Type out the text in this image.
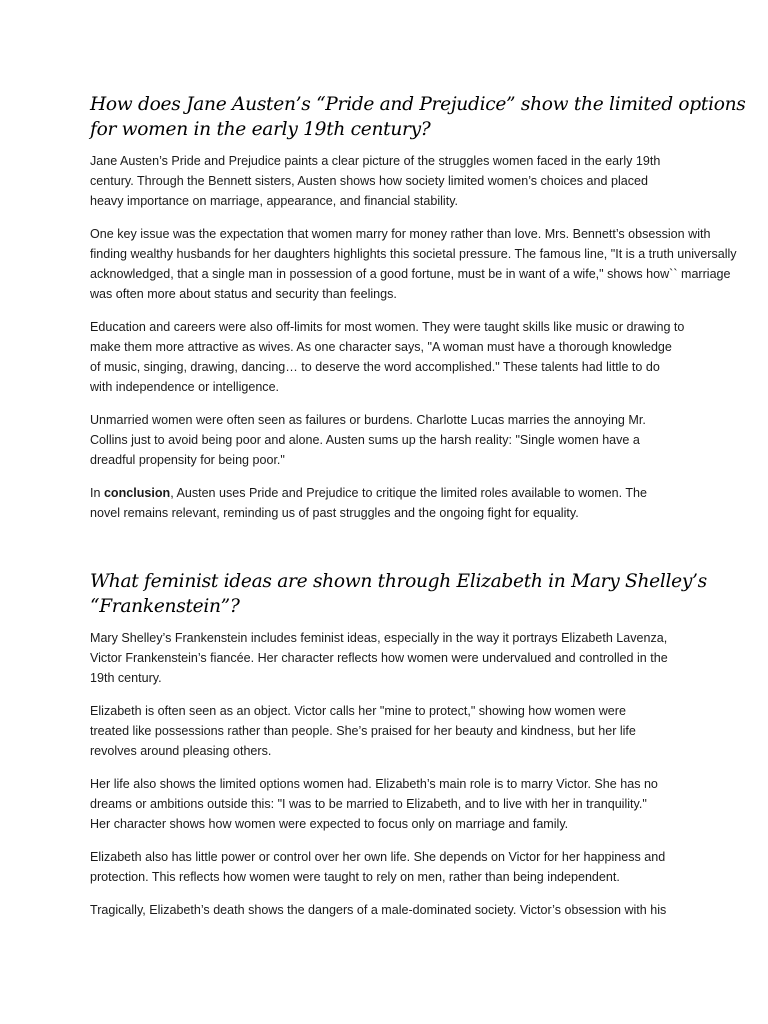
How does Jane Austen’s “Pride and Prejudice” show the limited options for women in the early 19th century?

Jane Austen’s Pride and Prejudice paints a clear picture of the struggles women faced in the early 19th century. Through the Bennett sisters, Austen shows how society limited women’s choices and placed heavy importance on marriage, appearance, and financial stability.

One key issue was the expectation that women marry for money rather than love. Mrs. Bennett’s obsession with finding wealthy husbands for her daughters highlights this societal pressure. The famous line, "It is a truth universally acknowledged, that a single man in possession of a good fortune, must be in want of a wife," shows how`` marriage was often more about status and security than feelings.

Education and careers were also off-limits for most women. They were taught skills like music or drawing to make them more attractive as wives. As one character says, "A woman must have a thorough knowledge of music, singing, drawing, dancing… to deserve the word accomplished." These talents had little to do with independence or intelligence.

Unmarried women were often seen as failures or burdens. Charlotte Lucas marries the annoying Mr. Collins just to avoid being poor and alone. Austen sums up the harsh reality: "Single women have a dreadful propensity for being poor."

In conclusion, Austen uses Pride and Prejudice to critique the limited roles available to women. The novel remains relevant, reminding us of past struggles and the ongoing fight for equality.

What feminist ideas are shown through Elizabeth in Mary Shelley’s “Frankenstein”?

Mary Shelley’s Frankenstein includes feminist ideas, especially in the way it portrays Elizabeth Lavenza, Victor Frankenstein’s fiancée. Her character reflects how women were undervalued and controlled in the 19th century.

Elizabeth is often seen as an object. Victor calls her "mine to protect," showing how women were treated like possessions rather than people. She’s praised for her beauty and kindness, but her life revolves around pleasing others.

Her life also shows the limited options women had. Elizabeth’s main role is to marry Victor. She has no dreams or ambitions outside this: "I was to be married to Elizabeth, and to live with her in tranquility." Her character shows how women were expected to focus only on marriage and family.

Elizabeth also has little power or control over her own life. She depends on Victor for her happiness and protection. This reflects how women were taught to rely on men, rather than being independent.

Tragically, Elizabeth’s death shows the dangers of a male-dominated society. Victor’s obsession with his
